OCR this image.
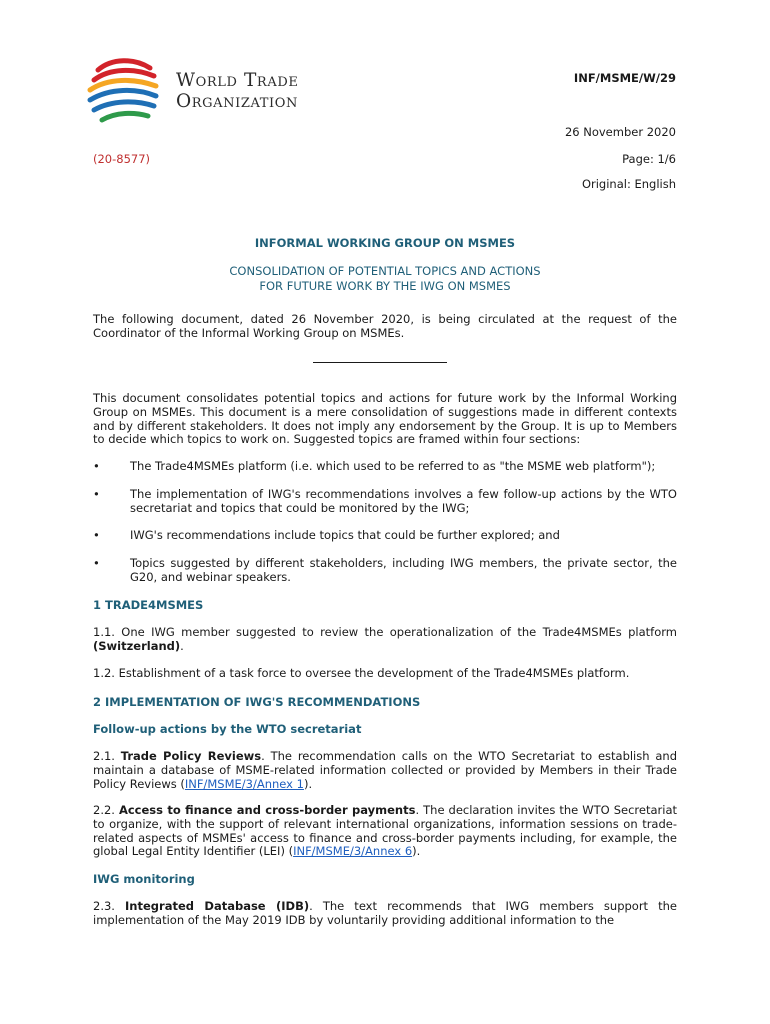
World Trade
Organization
INF/MSME/W/29
26 November 2020
(20-8577)	Page: 1/6
Original: English
INFORMAL WORKING GROUP ON MSMES
CONSOLIDATION OF POTENTIAL TOPICS AND ACTIONS
FOR FUTURE WORK BY THE IWG ON MSMES
The following document, dated 26 November 2020, is being circulated at the request of the Coordinator of the Informal Working Group on MSMEs.
This document consolidates potential topics and actions for future work by the Informal Working Group on MSMEs. This document is a mere consolidation of suggestions made in different contexts and by different stakeholders. It does not imply any endorsement by the Group. It is up to Members to decide which topics to work on. Suggested topics are framed within four sections:
•	The Trade4MSMEs platform (i.e. which used to be referred to as "the MSME web platform");
•	The implementation of IWG's recommendations involves a few follow-up actions by the WTO secretariat and topics that could be monitored by the IWG;
•	IWG's recommendations include topics that could be further explored; and
•	Topics suggested by different stakeholders, including IWG members, the private sector, the G20, and webinar speakers.
1 TRADE4MSMES
1.1. One IWG member suggested to review the operationalization of the Trade4MSMEs platform (Switzerland).
1.2. Establishment of a task force to oversee the development of the Trade4MSMEs platform.
2 IMPLEMENTATION OF IWG'S RECOMMENDATIONS
Follow-up actions by the WTO secretariat
2.1. Trade Policy Reviews. The recommendation calls on the WTO Secretariat to establish and maintain a database of MSME-related information collected or provided by Members in their Trade Policy Reviews (INF/MSME/3/Annex 1).
2.2. Access to finance and cross-border payments. The declaration invites the WTO Secretariat to organize, with the support of relevant international organizations, information sessions on trade-related aspects of MSMEs' access to finance and cross-border payments including, for example, the global Legal Entity Identifier (LEI) (INF/MSME/3/Annex 6).
IWG monitoring
2.3. Integrated Database (IDB). The text recommends that IWG members support the implementation of the May 2019 IDB by voluntarily providing additional information to the
